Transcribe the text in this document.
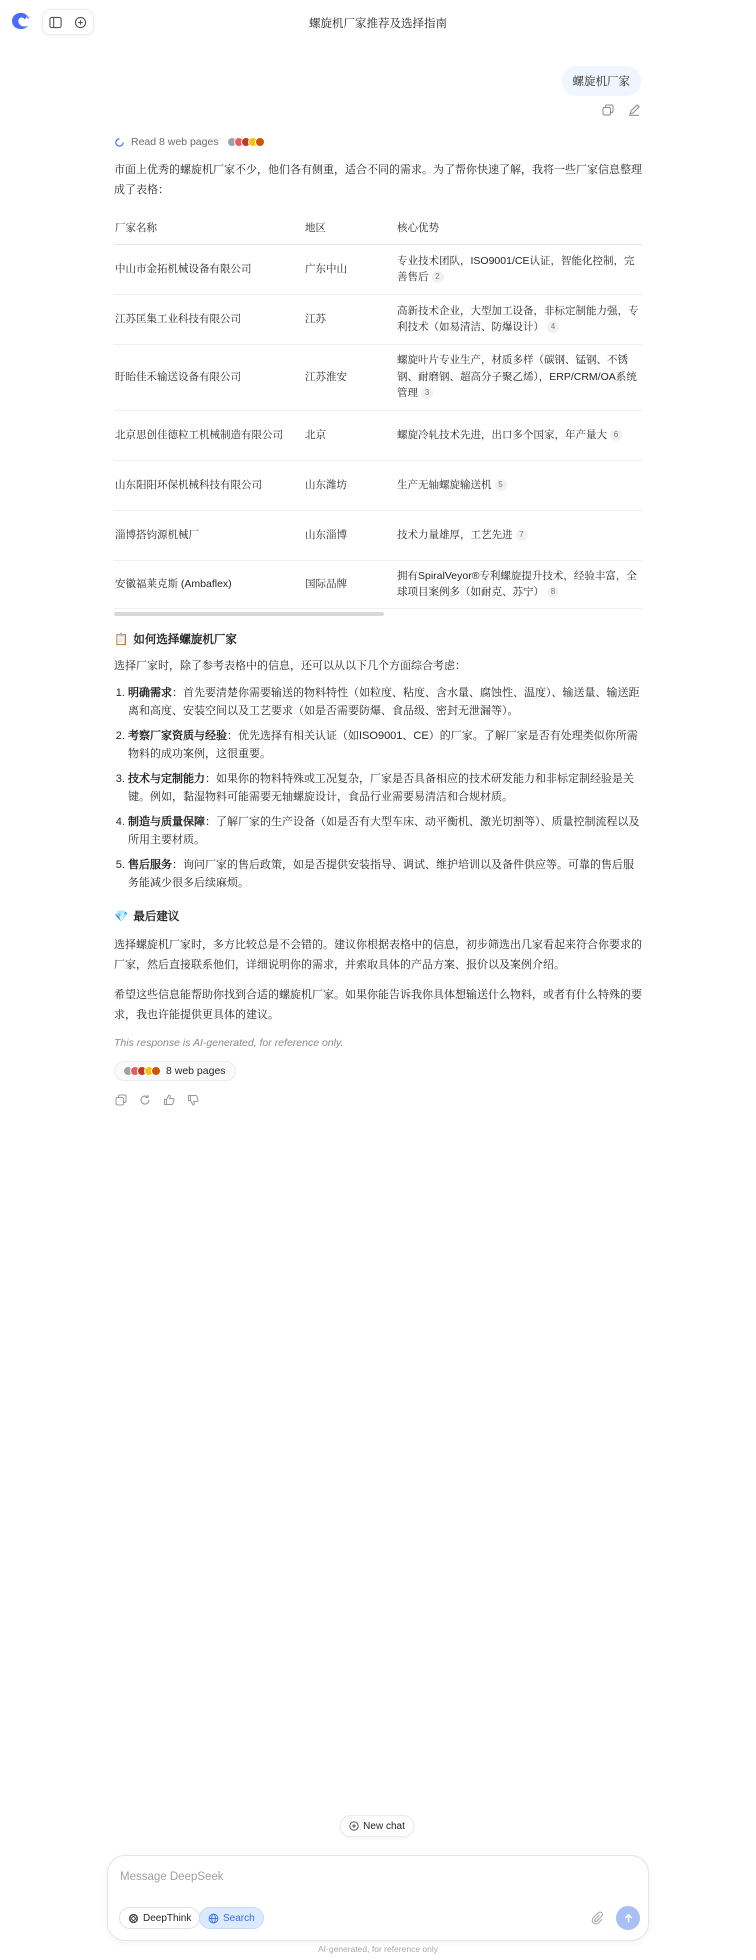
螺旋机厂家推荐及选择指南
螺旋机厂家
Read 8 web pages

市面上优秀的螺旋机厂家不少，他们各有侧重，适合不同的需求。为了帮你快速了解，我将一些厂家信息整理成了表格：

厂家名称	地区	核心优势
中山市金拓机械设备有限公司	广东中山	专业技术团队，ISO9001/CE认证，智能化控制，完善售后 2
江苏匡集工业科技有限公司	江苏	高新技术企业，大型加工设备，非标定制能力强，专利技术（如易清洁、防爆设计） 4
盱眙佳禾输送设备有限公司	江苏淮安	螺旋叶片专业生产，材质多样（碳钢、锰钢、不锈钢、耐磨钢、超高分子聚乙烯），ERP/CRM/OA系统管理 3
北京思创佳德粒工机械制造有限公司	北京	螺旋冷轧技术先进，出口多个国家，年产量大 6
山东阳阳环保机械科技有限公司	山东潍坊	生产无轴螺旋输送机 5
淄博搭钧源机械厂	山东淄博	技术力量雄厚，工艺先进 7
安徽福莱克斯 (Ambaflex)	国际品牌	拥有SpiralVeyor®专利螺旋提升技术，经验丰富，全球项目案例多（如耐克、苏宁） 8
📋 如何选择螺旋机厂家

选择厂家时，除了参考表格中的信息，还可以从以下几个方面综合考虑：

1. 明确需求：首先要清楚你需要输送的物料特性（如粒度、粘度、含水量、腐蚀性、温度）、输送量、输送距离和高度、安装空间以及工艺要求（如是否需要防爆、食品级、密封无泄漏等）。
2. 考察厂家资质与经验：优先选择有相关认证（如ISO9001、CE）的厂家。了解厂家是否有处理类似你所需物料的成功案例，这很重要。
3. 技术与定制能力：如果你的物料特殊或工况复杂，厂家是否具备相应的技术研发能力和非标定制经验是关键。例如，黏湿物料可能需要无轴螺旋设计，食品行业需要易清洁和合规材质。
4. 制造与质量保障：了解厂家的生产设备（如是否有大型车床、动平衡机、激光切割等）、质量控制流程以及所用主要材质。
5. 售后服务：询问厂家的售后政策，如是否提供安装指导、调试、维护培训以及备件供应等。可靠的售后服务能减少很多后续麻烦。
💎 最后建议

选择螺旋机厂家时，多方比较总是不会错的。建议你根据表格中的信息，初步筛选出几家看起来符合你要求的厂家，然后直接联系他们，详细说明你的需求，并索取具体的产品方案、报价以及案例介绍。

希望这些信息能帮助你找到合适的螺旋机厂家。如果你能告诉我你具体想输送什么物料，或者有什么特殊的要求，我也许能提供更具体的建议。

This response is AI-generated, for reference only.

8 web pages
New chat
Message DeepSeek
DeepThink	Search
AI-generated, for reference only
